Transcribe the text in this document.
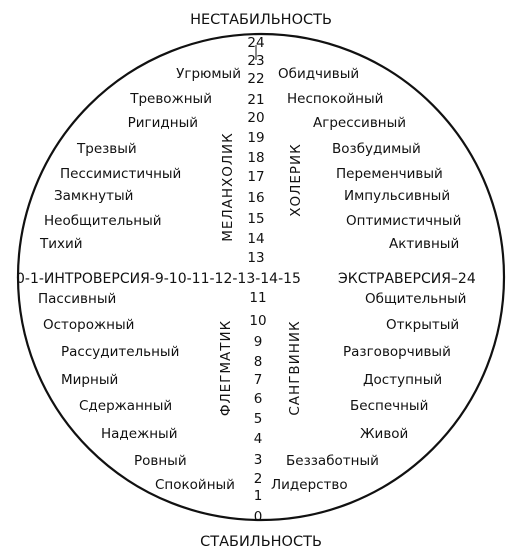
НЕСТАБИЛЬНОСТЬ
СТАБИЛЬНОСТЬ
0-1-ИНТРОВЕРСИЯ-9-10-11-12-13-14-15	ЭКСТРАВЕРСИЯ–24
24
23
22
21
20
19
18
17
16
15
14
13
11
10
9
8
7
6
5
4
3
2
1
0
МЕЛАНХОЛИК	ХОЛЕРИК
ФЛЕГМАТИК	САНГВИНИК
Угрюмый
Тревожный
Ригидный
Трезвый
Пессимистичный
Замкнутый
Необщительный
Тихий
Обидчивый
Неспокойный
Агрессивный
Возбудимый
Переменчивый
Импульсивный
Оптимистичный
Активный
Пассивный
Осторожный
Рассудительный
Мирный
Сдержанный
Надежный
Ровный
Спокойный
Общительный
Открытый
Разговорчивый
Доступный
Беспечный
Живой
Беззаботный
Лидерство
